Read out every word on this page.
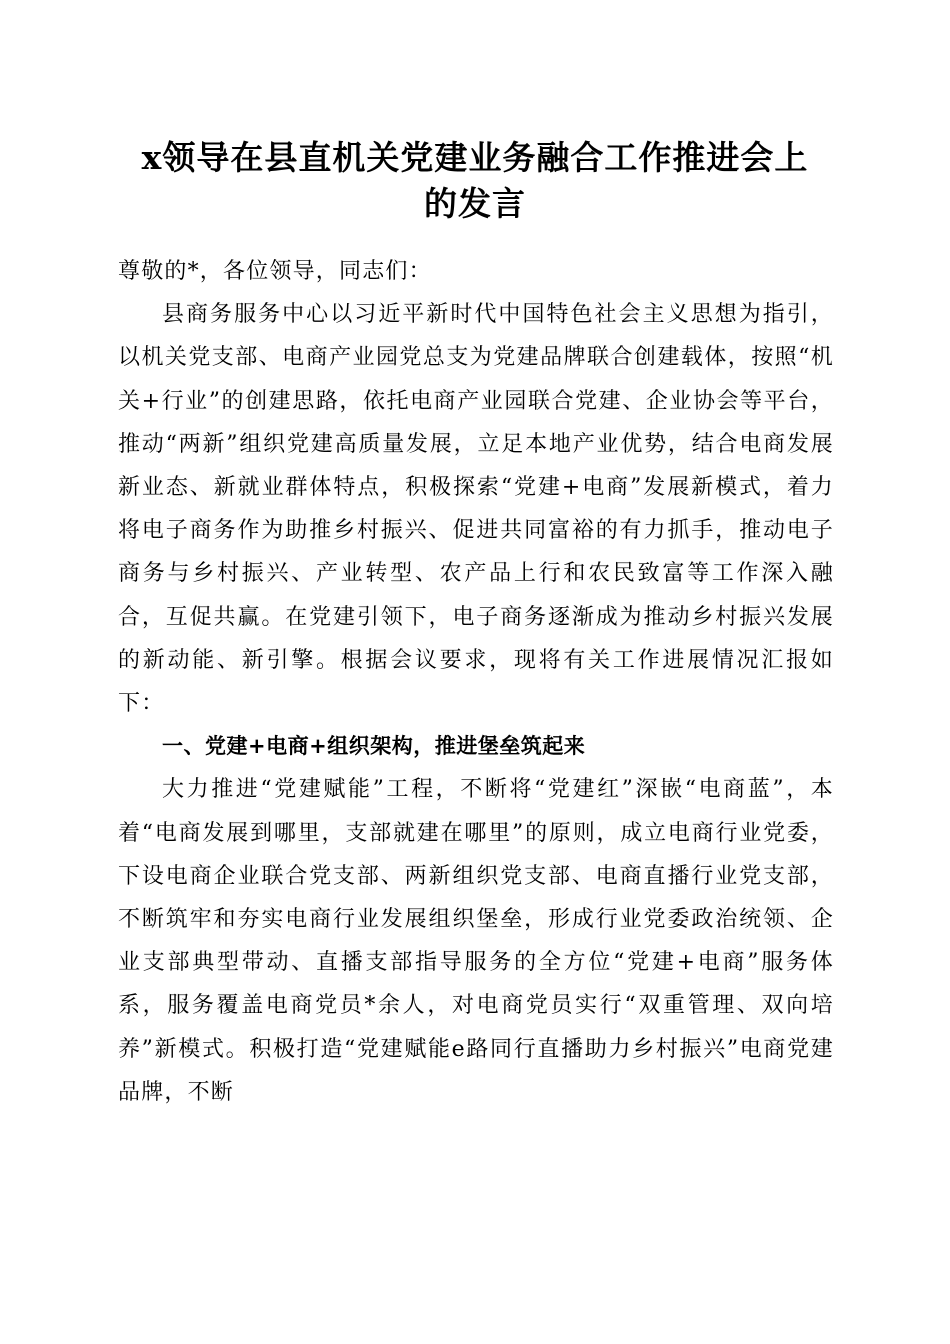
x领导在县直机关党建业务融合工作推进会上
的发言

尊敬的*，各位领导，同志们：

县商务服务中心以习近平新时代中国特色社会主义思想为指引，以机关党支部、电商产业园党总支为党建品牌联合创建载体，按照“机关+行业”的创建思路，依托电商产业园联合党建、企业协会等平台，推动“两新”组织党建高质量发展，立足本地产业优势，结合电商发展新业态、新就业群体特点，积极探索“党建+电商”发展新模式，着力将电子商务作为助推乡村振兴、促进共同富裕的有力抓手，推动电子商务与乡村振兴、产业转型、农产品上行和农民致富等工作深入融合，互促共赢。在党建引领下，电子商务逐渐成为推动乡村振兴发展的新动能、新引擎。根据会议要求，现将有关工作进展情况汇报如下：

一、党建+电商+组织架构，推进堡垒筑起来

大力推进“党建赋能”工程，不断将“党建红”深嵌“电商蓝”，本着“电商发展到哪里，支部就建在哪里”的原则，成立电商行业党委，下设电商企业联合党支部、两新组织党支部、电商直播行业党支部，不断筑牢和夯实电商行业发展组织堡垒，形成行业党委政治统领、企业支部典型带动、直播支部指导服务的全方位“党建+电商”服务体系，服务覆盖电商党员*余人，对电商党员实行“双重管理、双向培养”新模式。积极打造“党建赋能e路同行直播助力乡村振兴”电商党建品牌，不断
